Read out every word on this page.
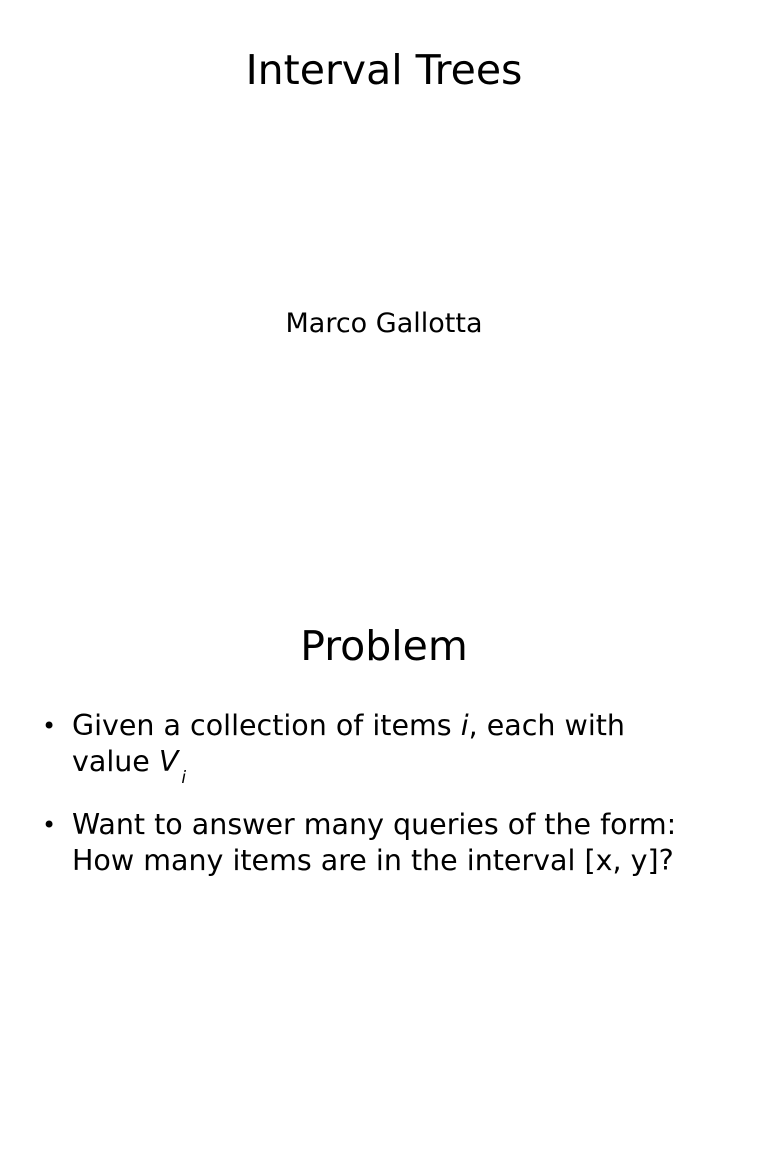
Interval Trees
Marco Gallotta
Problem
• Given a collection of items i, each with
value V $_i$
• Want to answer many queries of the form:
How many items are in the interval [x, y]?
